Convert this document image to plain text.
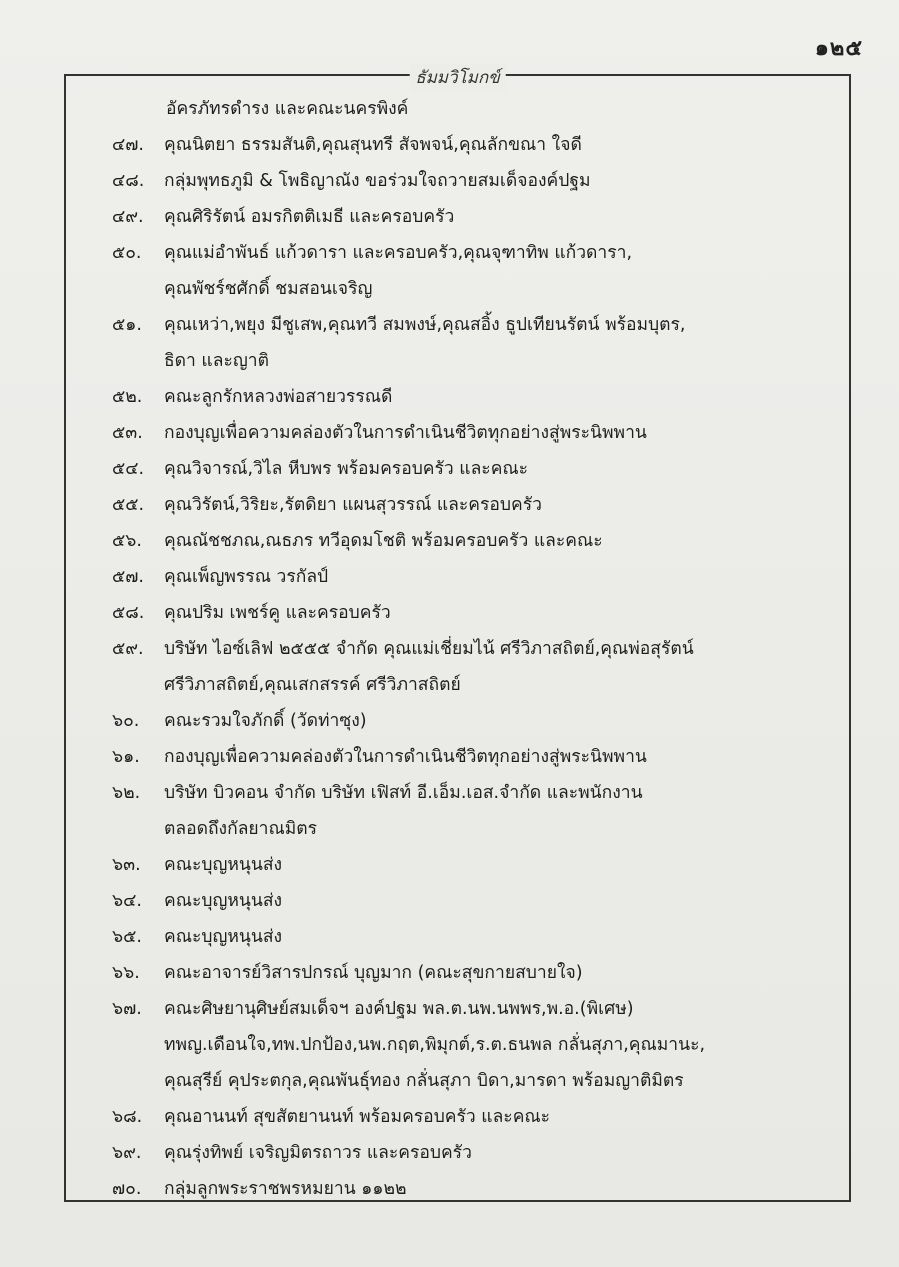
๑๒๕
ธัมมวิโมกข์
อัครภัทรดำรง และคณะนครพิงค์
๔๗. คุณนิตยา ธรรมสันติ,คุณสุนทรี สัจพจน์,คุณลักขณา ใจดี
๔๘. กลุ่มพุทธภูมิ & โพธิญาณัง ขอร่วมใจถวายสมเด็จองค์ปฐม
๔๙. คุณศิริรัตน์ อมรกิตติเมธี และครอบครัว
๕๐. คุณแม่อำพันธ์ แก้วดารา และครอบครัว,คุณจุฑาทิพ แก้วดารา,
คุณพัชร์ชศักดิ์ ชมสอนเจริญ
๕๑. คุณเหว่า,พยุง มีชูเสพ,คุณทวี สมพงษ์,คุณสอิ้ง ธูปเทียนรัตน์ พร้อมบุตร,
ธิดา และญาติ
๕๒. คณะลูกรักหลวงพ่อสายวรรณดี
๕๓. กองบุญเพื่อความคล่องตัวในการดำเนินชีวิตทุกอย่างสู่พระนิพพาน
๕๔. คุณวิจารณ์,วิไล หีบพร พร้อมครอบครัว และคณะ
๕๕. คุณวิรัตน์,วิริยะ,รัตดิยา แผนสุวรรณ์ และครอบครัว
๕๖. คุณณัชชภณ,ณธภร ทวีอุดมโชติ พร้อมครอบครัว และคณะ
๕๗. คุณเพ็ญพรรณ วรกัลป์
๕๘. คุณปริม เพชร์คู และครอบครัว
๕๙. บริษัท ไอซ์เลิฟ ๒๕๕๕ จำกัด คุณแม่เชี่ยมไน้ ศรีวิภาสถิตย์,คุณพ่อสุรัตน์
ศรีวิภาสถิตย์,คุณเสกสรรค์ ศรีวิภาสถิตย์
๖๐. คณะรวมใจภักดิ์ (วัดท่าซุง)
๖๑. กองบุญเพื่อความคล่องตัวในการดำเนินชีวิตทุกอย่างสู่พระนิพพาน
๖๒. บริษัท บิวคอน จำกัด บริษัท เฟิสท์ อี.เอ็ม.เอส.จำกัด และพนักงาน
ตลอดถึงกัลยาณมิตร
๖๓. คณะบุญหนุนส่ง
๖๔. คณะบุญหนุนส่ง
๖๕. คณะบุญหนุนส่ง
๖๖. คณะอาจารย์วิสารปกรณ์ บุญมาก (คณะสุขกายสบายใจ)
๖๗. คณะศิษยานุศิษย์สมเด็จฯ องค์ปฐม พล.ต.นพ.นพพร,พ.อ.(พิเศษ)
ทพญ.เดือนใจ,ทพ.ปกป้อง,นพ.กฤต,พิมุกต์,ร.ต.ธนพล กลั่นสุภา,คุณมานะ,
คุณสุรีย์ คุประตกุล,คุณพันธุ์ทอง กลั่นสุภา บิดา,มารดา พร้อมญาติมิตร
๖๘. คุณอานนท์ สุขสัตยานนท์ พร้อมครอบครัว และคณะ
๖๙. คุณรุ่งทิพย์ เจริญมิตรถาวร และครอบครัว
๗๐. กลุ่มลูกพระราชพรหมยาน ๑๑๒๒
